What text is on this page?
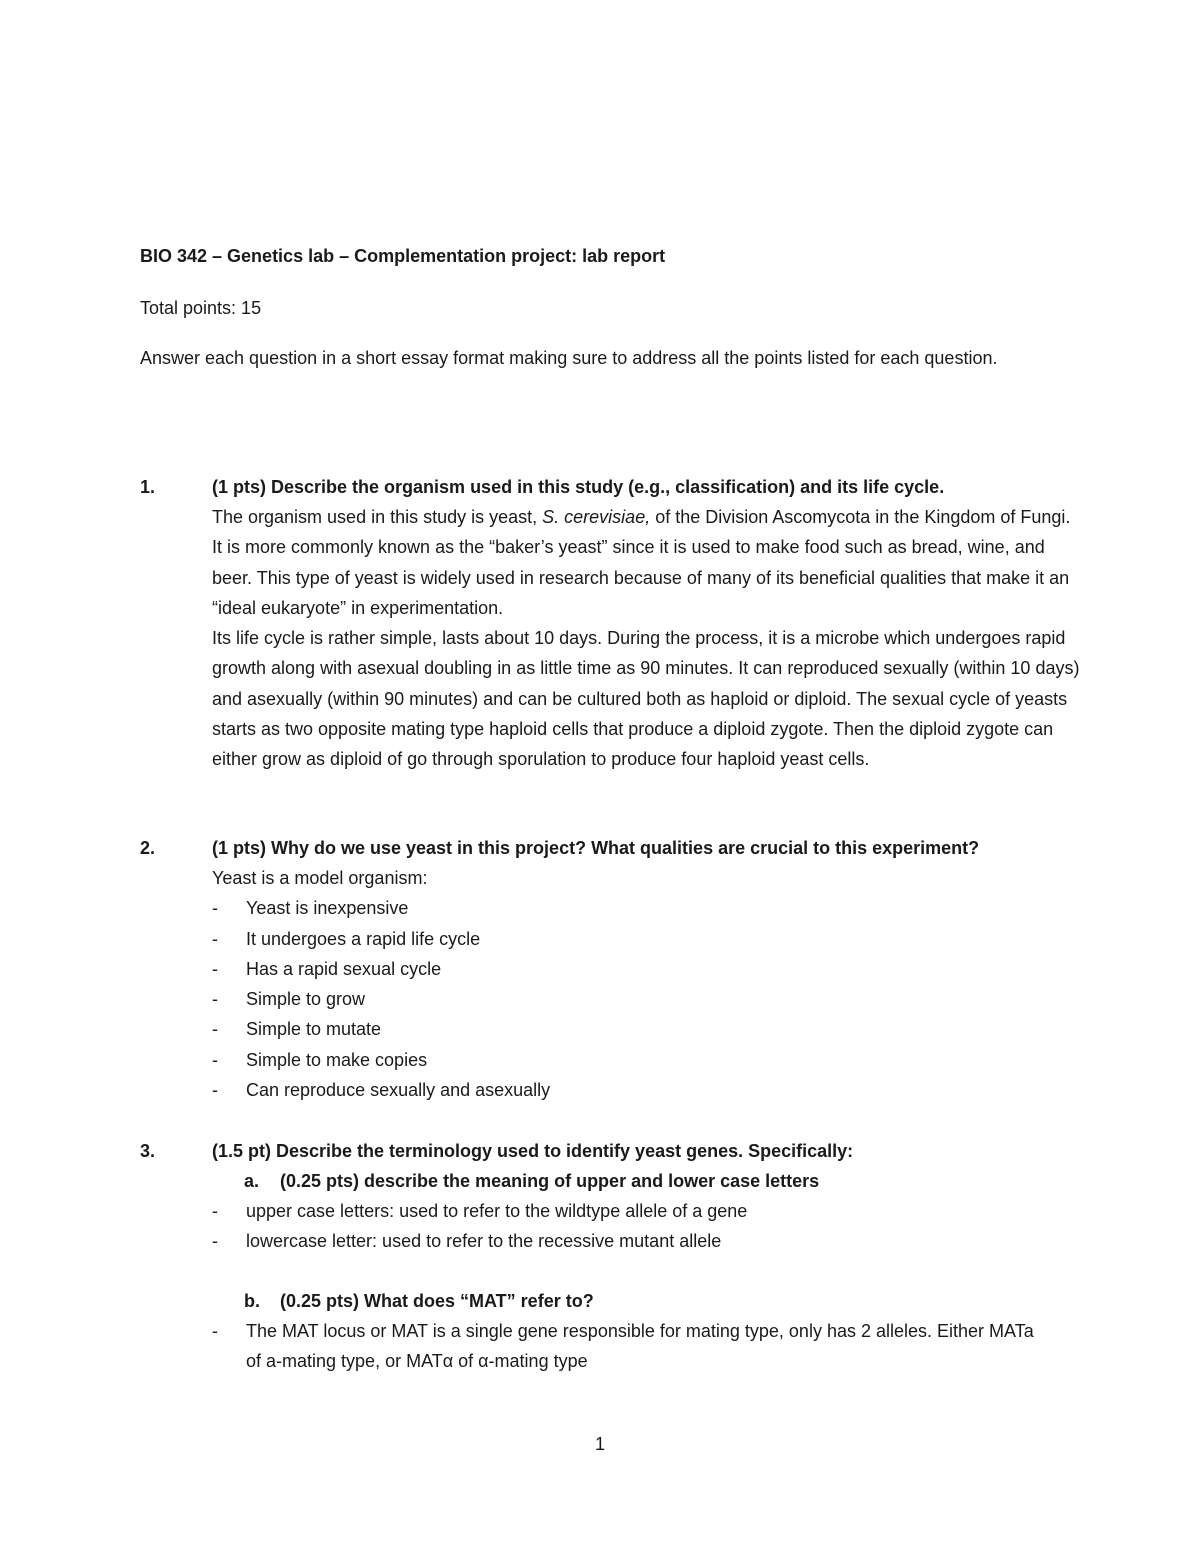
BIO 342 – Genetics lab – Complementation project: lab report
Total points: 15
Answer each question in a short essay format making sure to address all the points listed for each question.
1.	(1 pts) Describe the organism used in this study (e.g., classification) and its life cycle.

The organism used in this study is yeast, S. cerevisiae, of the Division Ascomycota in the Kingdom of Fungi. It is more commonly known as the “baker’s yeast” since it is used to make food such as bread, wine, and beer. This type of yeast is widely used in research because of many of its beneficial qualities that make it an “ideal eukaryote” in experimentation.

Its life cycle is rather simple, lasts about 10 days. During the process, it is a microbe which undergoes rapid growth along with asexual doubling in as little time as 90 minutes. It can reproduced sexually (within 10 days) and asexually (within 90 minutes) and can be cultured both as haploid or diploid. The sexual cycle of yeasts starts as two opposite mating type haploid cells that produce a diploid zygote. Then the diploid zygote can either grow as diploid of go through sporulation to produce four haploid yeast cells.

2.	(1 pts) Why do we use yeast in this project? What qualities are crucial to this experiment?
Yeast is a model organism:
-	Yeast is inexpensive
-	It undergoes a rapid life cycle
-	Has a rapid sexual cycle
-	Simple to grow
-	Simple to mutate
-	Simple to make copies
-	Can reproduce sexually and asexually
3.	(1.5 pt) Describe the terminology used to identify yeast genes. Specifically:
a.	(0.25 pts) describe the meaning of upper and lower case letters
-	upper case letters: used to refer to the wildtype allele of a gene
-	lowercase letter: used to refer to the recessive mutant allele
b.	(0.25 pts) What does “MAT” refer to?
-	The MAT locus or MAT is a single gene responsible for mating type, only has 2 alleles. Either MATa of a-mating type, or MATα of α-mating type
1
